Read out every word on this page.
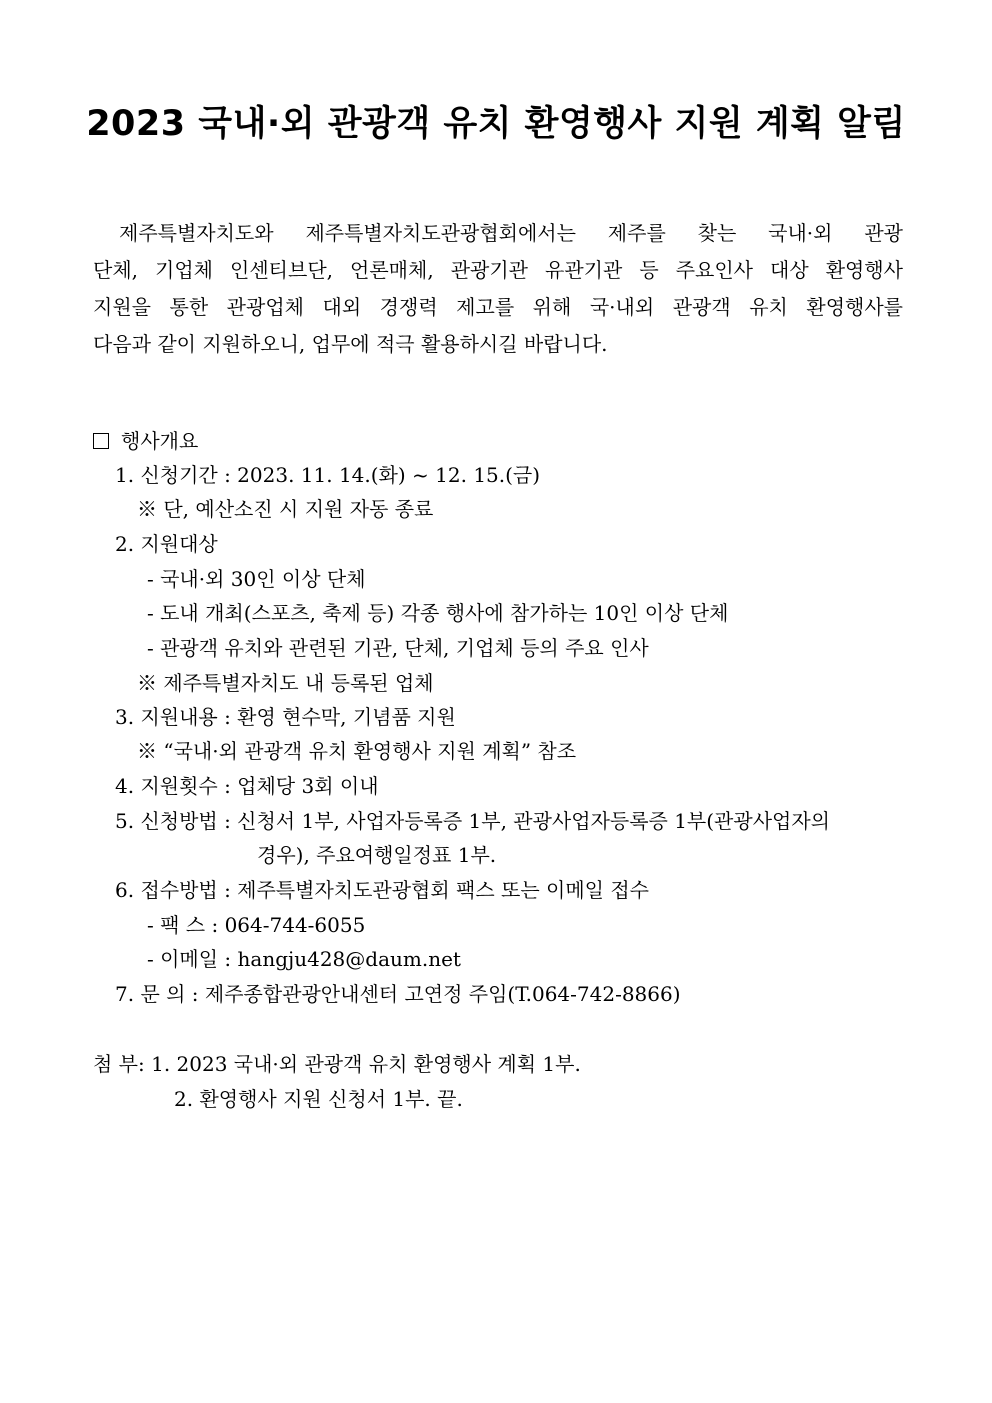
2023 국내·외 관광객 유치 환영행사 지원 계획 알림
제주특별자치도와 제주특별자치도관광협회에서는 제주를 찾는 국내·외 관광
단체, 기업체 인센티브단, 언론매체, 관광기관 유관기관 등 주요인사 대상 환영행사
지원을 통한 관광업체 대외 경쟁력 제고를 위해 국·내외 관광객 유치 환영행사를
다음과 같이 지원하오니, 업무에 적극 활용하시길 바랍니다.
행사개요
1. 신청기간 : 2023. 11. 14.(화) ~ 12. 15.(금)
※ 단, 예산소진 시 지원 자동 종료
2. 지원대상
- 국내·외 30인 이상 단체
- 도내 개최(스포츠, 축제 등) 각종 행사에 참가하는 10인 이상 단체
- 관광객 유치와 관련된 기관, 단체, 기업체 등의 주요 인사
※ 제주특별자치도 내 등록된 업체
3. 지원내용 : 환영 현수막, 기념품 지원
※ “국내·외 관광객 유치 환영행사 지원 계획” 참조
4. 지원횟수 : 업체당 3회 이내
5. 신청방법 : 신청서 1부, 사업자등록증 1부, 관광사업자등록증 1부(관광사업자의
경우), 주요여행일정표 1부.
6. 접수방법 : 제주특별자치도관광협회 팩스 또는 이메일 접수
- 팩 스 : 064-744-6055
- 이메일 : hangju428@daum.net
7. 문 의 : 제주종합관광안내센터 고연정 주임(T.064-742-8866)
첨 부: 1. 2023 국내·외 관광객 유치 환영행사 계획 1부.
2. 환영행사 지원 신청서 1부. 끝.
